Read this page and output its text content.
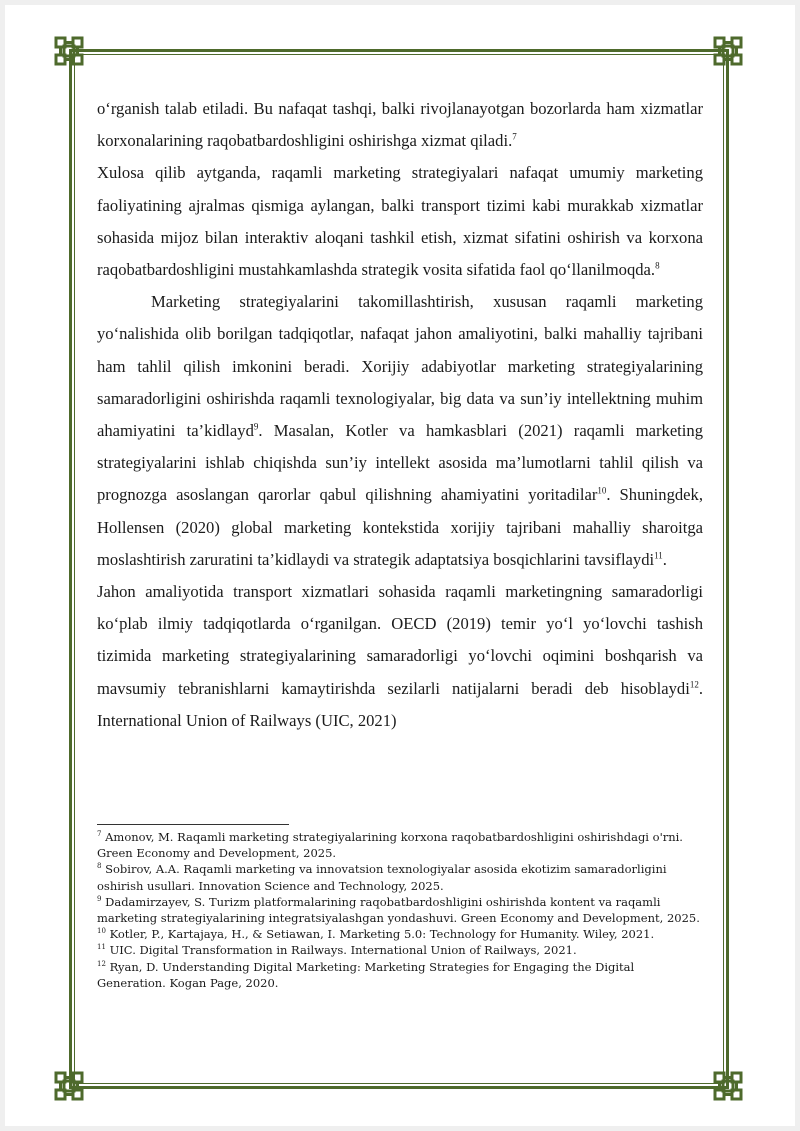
o‘rganish talab etiladi. Bu nafaqat tashqi, balki rivojlanayotgan bozorlarda ham xizmatlar korxonalarining raqobatbardoshligini oshirishga xizmat qiladi.$^7$

Xulosa qilib aytganda, raqamli marketing strategiyalari nafaqat umumiy marketing faoliyatining ajralmas qismiga aylangan, balki transport tizimi kabi murakkab xizmatlar sohasida mijoz bilan interaktiv aloqani tashkil etish, xizmat sifatini oshirish va korxona raqobatbardoshligini mustahkamlashda strategik vosita sifatida faol qo‘llanilmoqda.$^8$

Marketing strategiyalarini takomillashtirish, xususan raqamli marketing yo‘nalishida olib borilgan tadqiqotlar, nafaqat jahon amaliyotini, balki mahalliy tajribani ham tahlil qilish imkonini beradi. Xorijiy adabiyotlar marketing strategiyalarining samaradorligini oshirishda raqamli texnologiyalar, big data va sun’iy intellektning muhim ahamiyatini ta’kidlayd$^9$. Masalan, Kotler va hamkasblari (2021) raqamli marketing strategiyalarini ishlab chiqishda sun’iy intellekt asosida ma’lumotlarni tahlil qilish va prognozga asoslangan qarorlar qabul qilishning ahamiyatini yoritadilar$^{10}$. Shuningdek, Hollensen (2020) global marketing kontekstida xorijiy tajribani mahalliy sharoitga moslashtirish zaruratini ta’kidlaydi va strategik adaptatsiya bosqichlarini tavsiflaydi$^{11}$.

Jahon amaliyotida transport xizmatlari sohasida raqamli marketingning samaradorligi ko‘plab ilmiy tadqiqotlarda o‘rganilgan. OECD (2019) temir yo‘l yo‘lovchi tashish tizimida marketing strategiyalarining samaradorligi yo‘lovchi oqimini boshqarish va mavsumiy tebranishlarni kamaytirishda sezilarli natijalarni beradi deb hisoblaydi$^{12}$. International Union of Railways (UIC, 2021)

$^7$ Amonov, M. Raqamli marketing strategiyalarining korxona raqobatbardoshligini oshirishdagi o'rni. Green Economy and Development, 2025.

$^8$ Sobirov, A.A. Raqamli marketing va innovatsion texnologiyalar asosida ekotizim samaradorligini oshirish usullari. Innovation Science and Technology, 2025.

$^9$ Dadamirzayev, S. Turizm platformalarining raqobatbardoshligini oshirishda kontent va raqamli marketing strategiyalarining integratsiyalashgan yondashuvi. Green Economy and Development, 2025.

$^{10}$ Kotler, P., Kartajaya, H., & Setiawan, I. Marketing 5.0: Technology for Humanity. Wiley, 2021.

$^{11}$ UIC. Digital Transformation in Railways. International Union of Railways, 2021.

$^{12}$ Ryan, D. Understanding Digital Marketing: Marketing Strategies for Engaging the Digital Generation. Kogan Page, 2020.
